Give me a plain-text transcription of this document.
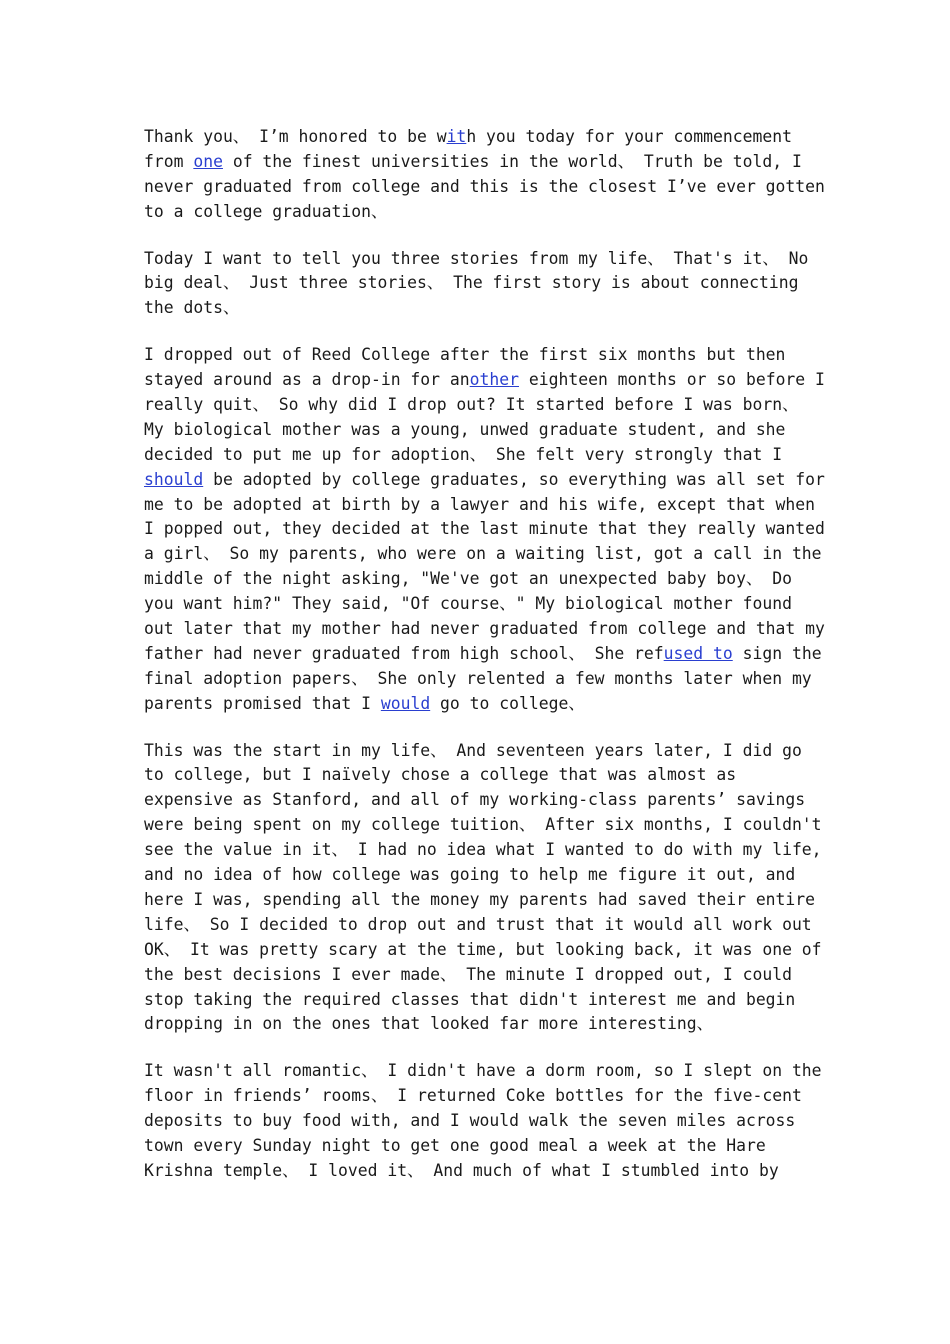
Thank you、 I’m honored to be with you today for your commencement
from one of the finest universities in the world、 Truth be told, I
never graduated from college and this is the closest I’ve ever gotten
to a college graduation、
Today I want to tell you three stories from my life、 That's it、 No
big deal、 Just three stories、 The first story is about connecting
the dots、
I dropped out of Reed College after the first six months but then
stayed around as a drop-in for another eighteen months or so before I
really quit、 So why did I drop out? It started before I was born、
My biological mother was a young, unwed graduate student, and she
decided to put me up for adoption、 She felt very strongly that I
should be adopted by college graduates, so everything was all set for
me to be adopted at birth by a lawyer and his wife, except that when
I popped out, they decided at the last minute that they really wanted
a girl、 So my parents, who were on a waiting list, got a call in the
middle of the night asking, "We've got an unexpected baby boy、 Do
you want him?" They said, "Of course、" My biological mother found
out later that my mother had never graduated from college and that my
father had never graduated from high school、 She refused to sign the
final adoption papers、 She only relented a few months later when my
parents promised that I would go to college、
This was the start in my life、 And seventeen years later, I did go
to college, but I naïvely chose a college that was almost as
expensive as Stanford, and all of my working-class parents’ savings
were being spent on my college tuition、 After six months, I couldn't
see the value in it、 I had no idea what I wanted to do with my life,
and no idea of how college was going to help me figure it out, and
here I was, spending all the money my parents had saved their entire
life、 So I decided to drop out and trust that it would all work out
OK、 It was pretty scary at the time, but looking back, it was one of
the best decisions I ever made、 The minute I dropped out, I could
stop taking the required classes that didn't interest me and begin
dropping in on the ones that looked far more interesting、
It wasn't all romantic、 I didn't have a dorm room, so I slept on the
floor in friends’ rooms、 I returned Coke bottles for the five-cent
deposits to buy food with, and I would walk the seven miles across
town every Sunday night to get one good meal a week at the Hare
Krishna temple、 I loved it、 And much of what I stumbled into by
